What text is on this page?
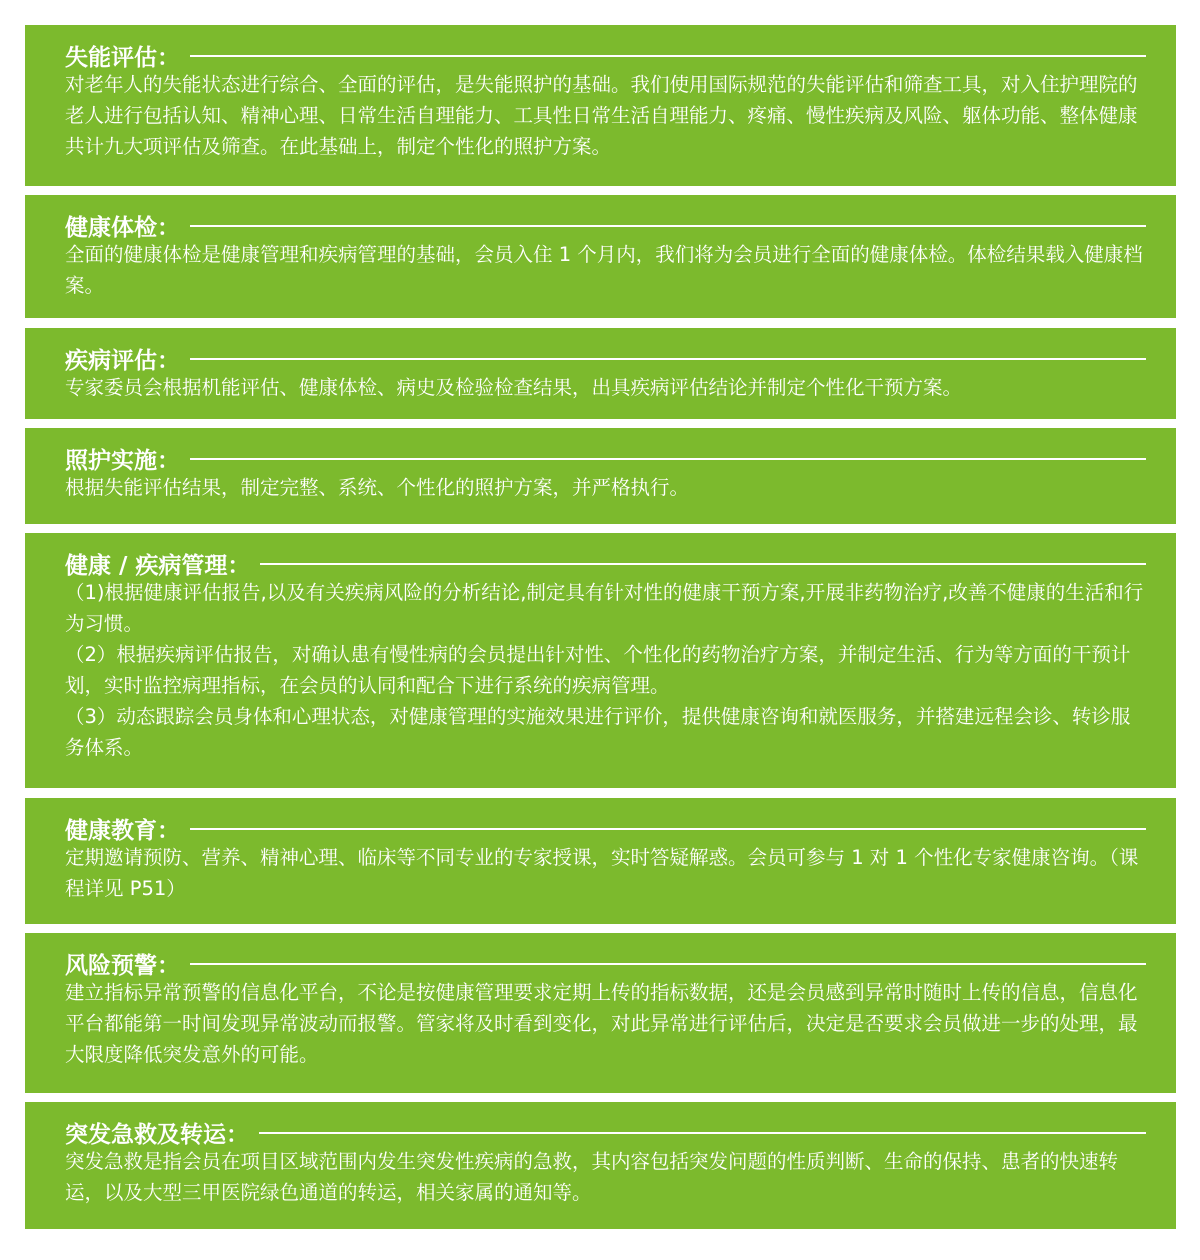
失能评估：

对老年人的失能状态进行综合、全面的评估，是失能照护的基础。我们使用国际规范的失能评估和筛查工具，对入住护理院的老人进行包括认知、精神心理、日常生活自理能力、工具性日常生活自理能力、疼痛、慢性疾病及风险、躯体功能、整体健康共计九大项评估及筛查。在此基础上，制定个性化的照护方案。

健康体检：

全面的健康体检是健康管理和疾病管理的基础，会员入住 1 个月内，我们将为会员进行全面的健康体检。体检结果载入健康档案。

疾病评估：

专家委员会根据机能评估、健康体检、病史及检验检查结果，出具疾病评估结论并制定个性化干预方案。

照护实施：

根据失能评估结果，制定完整、系统、个性化的照护方案，并严格执行。

健康 / 疾病管理：

（1)根据健康评估报告,以及有关疾病风险的分析结论,制定具有针对性的健康干预方案,开展非药物治疗,改善不健康的生活和行为习惯。

（2）根据疾病评估报告，对确认患有慢性病的会员提出针对性、个性化的药物治疗方案，并制定生活、行为等方面的干预计划，实时监控病理指标，在会员的认同和配合下进行系统的疾病管理。

（3）动态跟踪会员身体和心理状态，对健康管理的实施效果进行评价，提供健康咨询和就医服务，并搭建远程会诊、转诊服务体系。

健康教育：

定期邀请预防、营养、精神心理、临床等不同专业的专家授课，实时答疑解惑。会员可参与 1 对 1 个性化专家健康咨询。（课程详见 P51）

风险预警：

建立指标异常预警的信息化平台，不论是按健康管理要求定期上传的指标数据，还是会员感到异常时随时上传的信息，信息化平台都能第一时间发现异常波动而报警。管家将及时看到变化，对此异常进行评估后，决定是否要求会员做进一步的处理，最大限度降低突发意外的可能。

突发急救及转运：

突发急救是指会员在项目区域范围内发生突发性疾病的急救，其内容包括突发问题的性质判断、生命的保持、患者的快速转运，以及大型三甲医院绿色通道的转运，相关家属的通知等。
